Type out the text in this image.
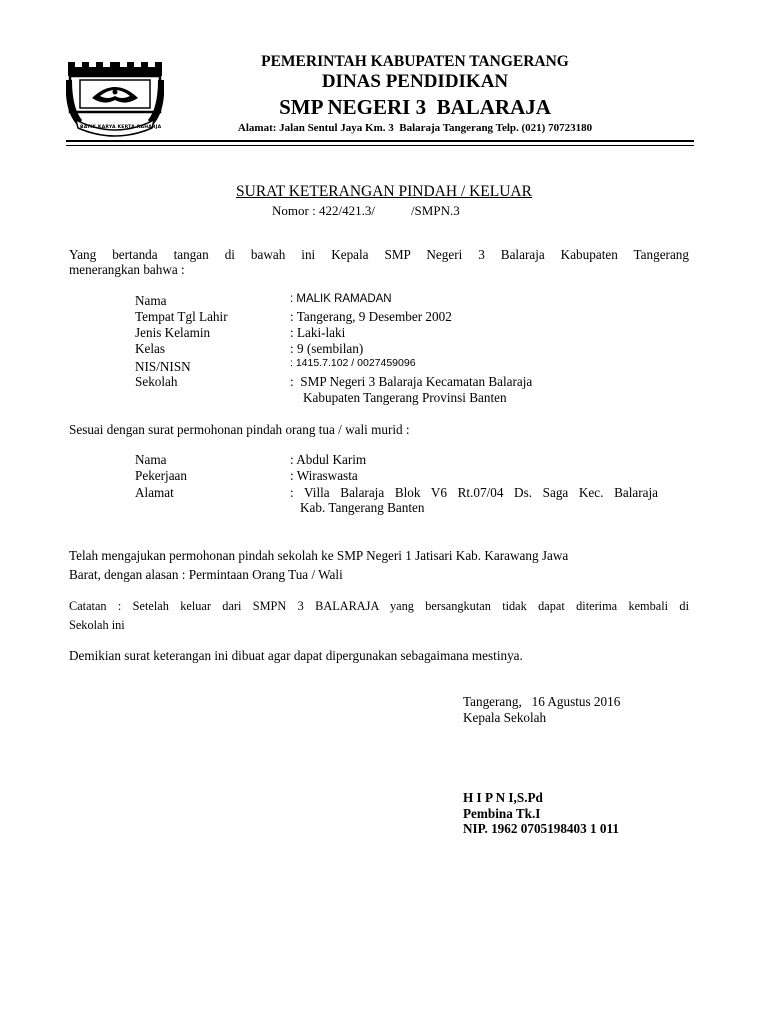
BATIK KARYA KERTA RAHARJA
PEMERINTAH KABUPATEN TANGERANG
DINAS PENDIDIKAN
SMP NEGERI 3  BALARAJA
Alamat: Jalan Sentul Jaya Km. 3  Balaraja Tangerang Telp. (021) 70723180
SURAT KETERANGAN PINDAH / KELUAR
Nomor : 422/421.3/	/SMPN.3
Yang bertanda tangan di bawah ini Kepala SMP Negeri 3 Balaraja Kabupaten Tangerang
menerangkan bahwa :
Nama
Tempat Tgl Lahir
Jenis Kelamin
Kelas
NIS/NISN
Sekolah
: MALIK RAMADAN
: Tangerang, 9 Desember 2002
: Laki-laki
: 9 (sembilan)
: 1415.7.102 / 0027459096
:  SMP Negeri 3 Balaraja Kecamatan Balaraja
Kabupaten Tangerang Provinsi Banten
Sesuai dengan surat permohonan pindah orang tua / wali murid :
Nama
Pekerjaan
Alamat
: Abdul Karim
: Wiraswasta
: Villa Balaraja Blok V6 Rt.07/04 Ds. Saga Kec. Balaraja
Kab. Tangerang Banten
Telah mengajukan permohonan pindah sekolah ke SMP Negeri 1 Jatisari Kab. Karawang Jawa
Barat, dengan alasan : Permintaan Orang Tua / Wali
Catatan : Setelah keluar dari SMPN 3 BALARAJA yang bersangkutan tidak dapat diterima kembali di
Sekolah ini
Demikian surat keterangan ini dibuat agar dapat dipergunakan sebagaimana mestinya.
Tangerang,   16 Agustus 2016
Kepala Sekolah
H I P N I,S.Pd
Pembina Tk.I
NIP. 1962 0705198403 1 011
